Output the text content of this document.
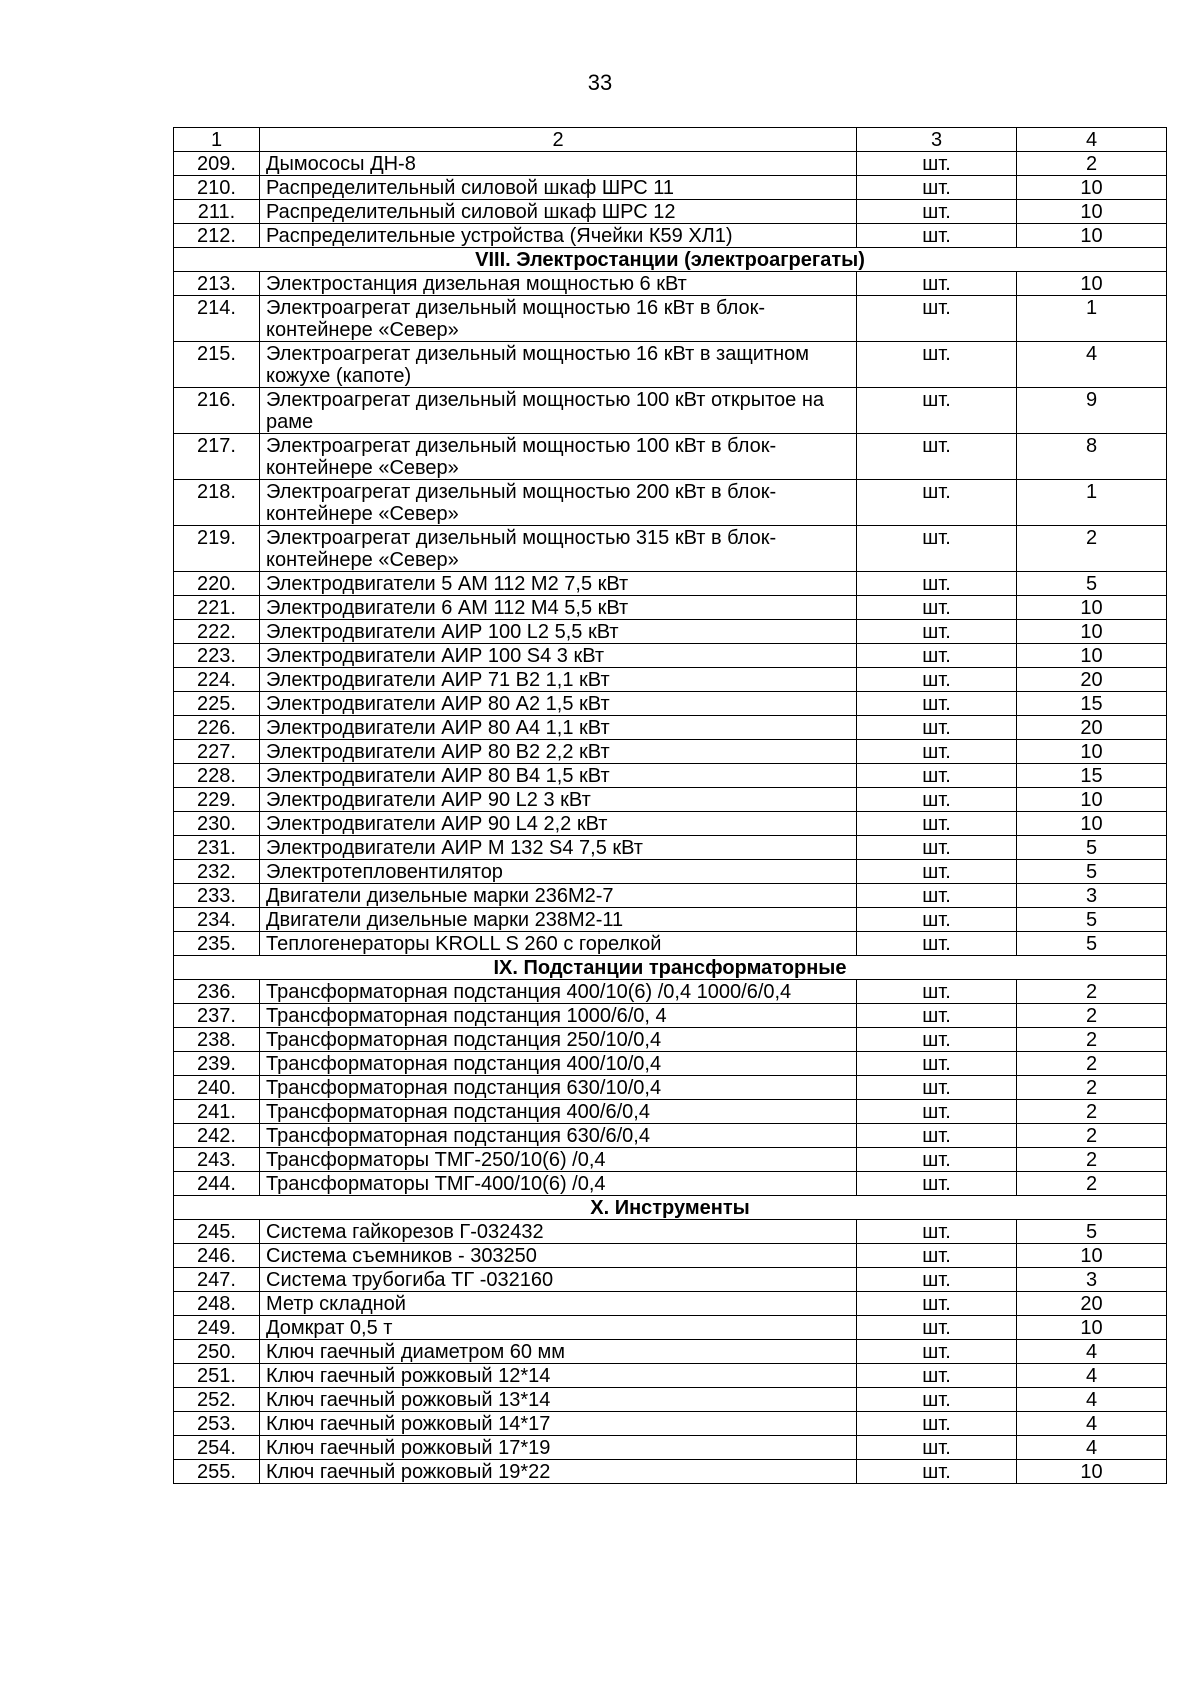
33
1	2	3	4
209.	Дымососы ДН-8	шт.	2
210.	Распределительный силовой шкаф ШРС 11	шт.	10
211.	Распределительный силовой шкаф ШРС 12	шт.	10
212.	Распределительные устройства (Ячейки К59 ХЛ1)	шт.	10
VIII. Электростанции (электроагрегаты)			
213.	Электростанция дизельная мощностью 6 кВт	шт.	10
214.	Электроагрегат дизельный мощностью 16 кВт в блок-контейнере «Север»	шт.	1
215.	Электроагрегат дизельный мощностью 16 кВт в защитном кожухе (капоте)	шт.	4
216.	Электроагрегат дизельный мощностью 100 кВт открытое на раме	шт.	9
217.	Электроагрегат дизельный мощностью 100 кВт в блок-контейнере «Север»	шт.	8
218.	Электроагрегат дизельный мощностью 200 кВт в блок-контейнере «Север»	шт.	1
219.	Электроагрегат дизельный мощностью 315 кВт в блок-контейнере «Север»	шт.	2
220.	Электродвигатели 5 АМ 112 М2 7,5 кВт	шт.	5
221.	Электродвигатели 6 АМ 112 М4 5,5 кВт	шт.	10
222.	Электродвигатели АИР 100 L2 5,5 кВт	шт.	10
223.	Электродвигатели АИР 100 S4 3 кВт	шт.	10
224.	Электродвигатели АИР 71 В2 1,1 кВт	шт.	20
225.	Электродвигатели АИР 80 А2 1,5 кВт	шт.	15
226.	Электродвигатели АИР 80 А4 1,1 кВт	шт.	20
227.	Электродвигатели АИР 80 В2 2,2 кВт	шт.	10
228.	Электродвигатели АИР 80 В4 1,5 кВт	шт.	15
229.	Электродвигатели АИР 90 L2 3 кВт	шт.	10
230.	Электродвигатели АИР 90 L4 2,2 кВт	шт.	10
231.	Электродвигатели АИР М 132 S4 7,5 кВт	шт.	5
232.	Электротепловентилятор	шт.	5
233.	Двигатели дизельные марки 236М2-7	шт.	3
234.	Двигатели дизельные марки 238М2-11	шт.	5
235.	Теплогенераторы KROLL S 260 с горелкой	шт.	5
IX. Подстанции трансформаторные			
236.	Трансформаторная подстанция 400/10(6) /0,4 1000/6/0,4	шт.	2
237.	Трансформаторная подстанция 1000/6/0, 4	шт.	2
238.	Трансформаторная подстанция 250/10/0,4	шт.	2
239.	Трансформаторная подстанция 400/10/0,4	шт.	2
240.	Трансформаторная подстанция 630/10/0,4	шт.	2
241.	Трансформаторная подстанция 400/6/0,4	шт.	2
242.	Трансформаторная подстанция 630/6/0,4	шт.	2
243.	Трансформаторы ТМГ-250/10(6) /0,4	шт.	2
244.	Трансформаторы ТМГ-400/10(6) /0,4	шт.	2
X. Инструменты			
245.	Система гайкорезов Г-032432	шт.	5
246.	Система съемников - 303250	шт.	10
247.	Система трубогиба ТГ -032160	шт.	3
248.	Метр складной	шт.	20
249.	Домкрат 0,5 т	шт.	10
250.	Ключ гаечный диаметром 60 мм	шт.	4
251.	Ключ гаечный рожковый 12*14	шт.	4
252.	Ключ гаечный рожковый 13*14	шт.	4
253.	Ключ гаечный рожковый 14*17	шт.	4
254.	Ключ гаечный рожковый 17*19	шт.	4
255.	Ключ гаечный рожковый 19*22	шт.	10
